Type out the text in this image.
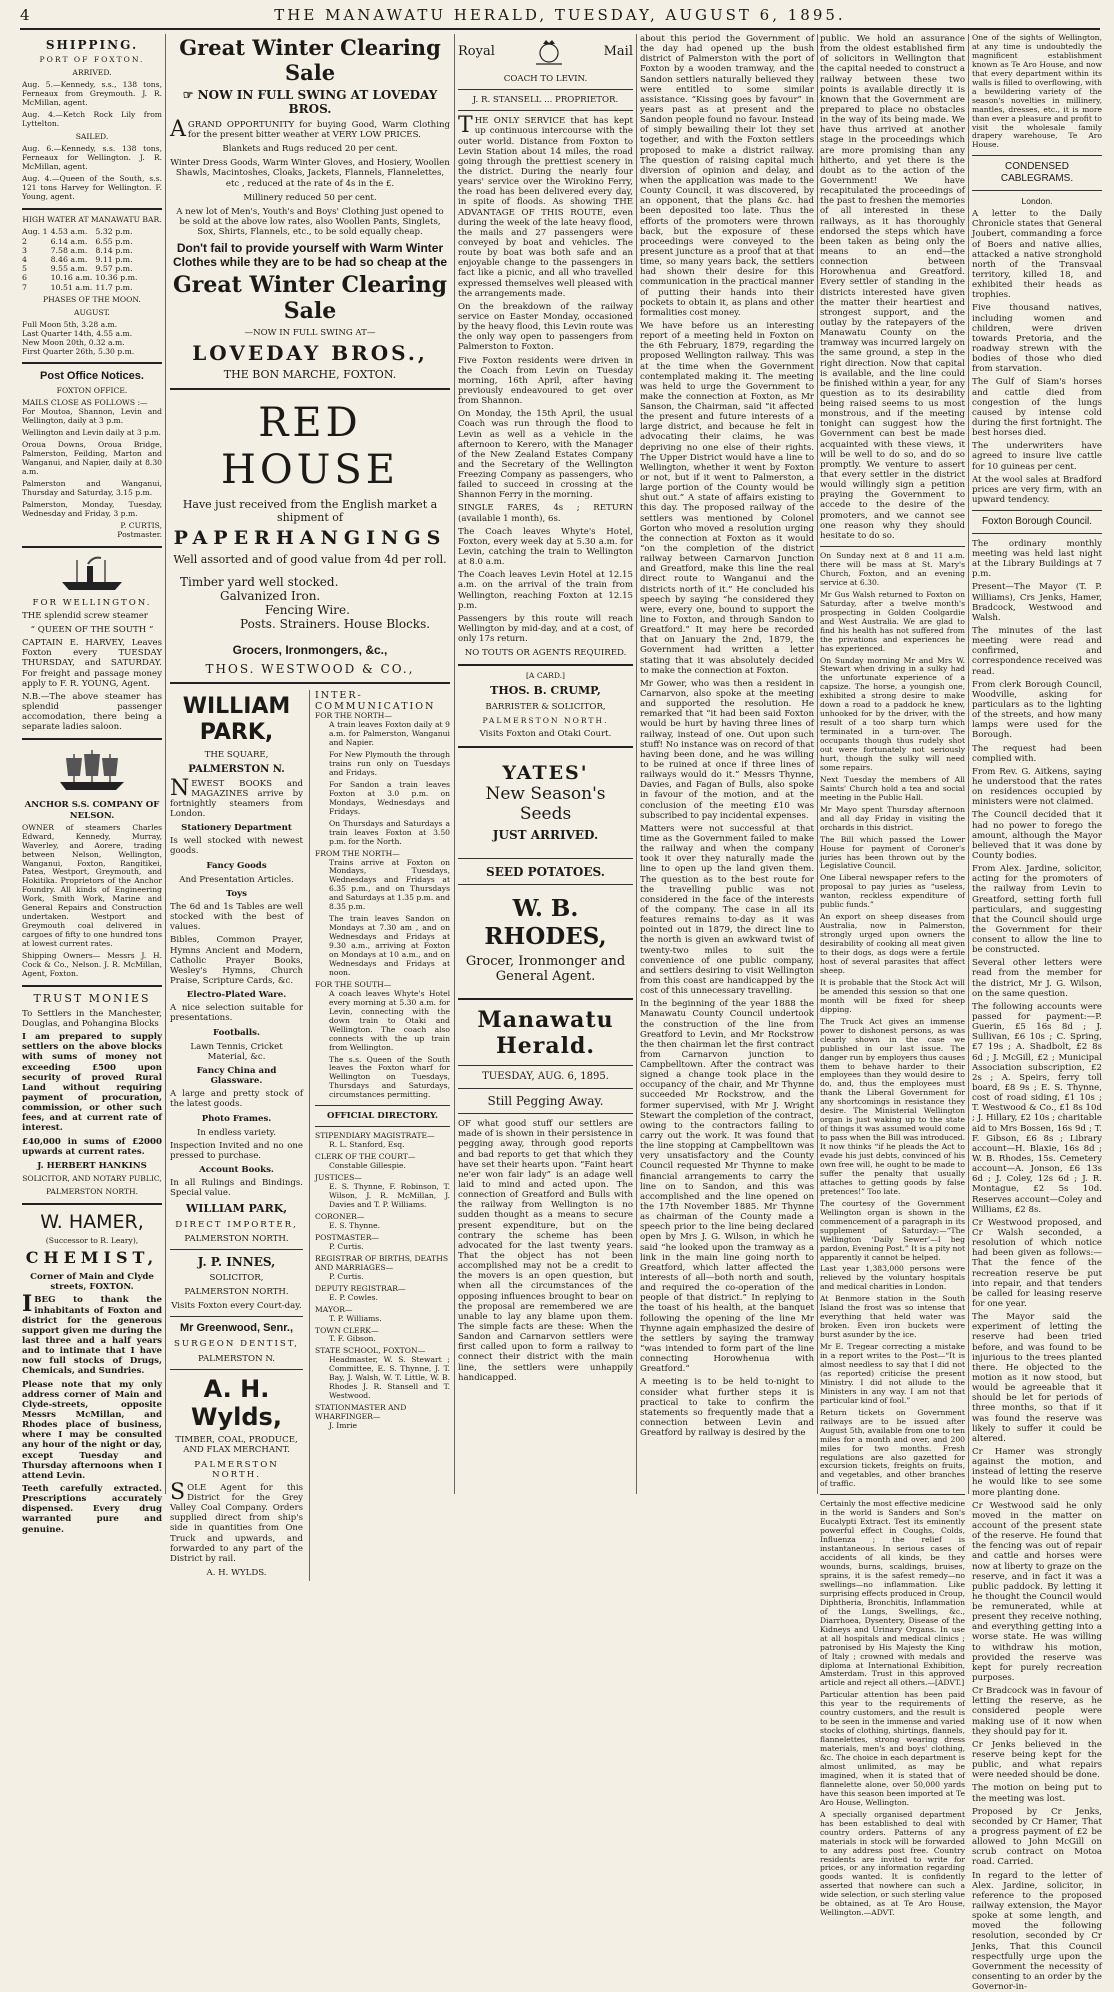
4	THE MANAWATU HERALD, TUESDAY, AUGUST 6, 1895.
SHIPPING.
PORT OF FOXTON.
ARRIVED.

Aug. 5.—Kennedy, s.s., 138 tons, Ferneaux from Greymouth. J. R. McMillan, agent.

Aug. 4.—Ketch Rock Lily from Lyttelton.

SAILED.

Aug. 6.—Kennedy, s.s. 138 tons, Ferneaux for Wellington. J. R. McMillan, agent.

Aug. 4.—Queen of the South, s.s. 121 tons Harvey for Wellington. F. Young, agent.

HIGH WATER AT MANAWATU BAR.
Aug. 1	4.53 a.m.	5.32 p.m.
2	6.14 a.m.	6.55 p.m.
3	7.58 a.m.	8.14 p.m.
4	8.46 a.m.	9.11 p.m.
5	9.55 a.m.	9.57 p.m.
6	10.16 a.m.	10.36 p.m.
7	10.51 a.m.	11.7 p.m.
PHASES OF THE MOON.
AUGUST.
Full Moon 5th, 3.28 a.m.
Last Quarter 14th, 4.55 a.m.
New Moon 20th, 0.32 a.m.
First Quarter 26th, 5.30 p.m.
Post Office Notices.
FOXTON OFFICE.
MAILS CLOSE AS FOLLOWS :—

For Moutoa, Shannon, Levin and Wellington, daily at 3 p.m.

Wellington and Levin daily at 3 p.m.

Oroua Downs, Oroua Bridge, Palmerston, Feilding, Marton and Wanganui, and Napier, daily at 8.30 a.m.

Palmerston and Wanganui, Thursday and Saturday, 3.15 p.m.

Palmerston, Monday, Tuesday, Wednesday and Friday, 3 p.m.

P. CURTIS,
Postmaster.
FOR WELLINGTON.

THE splendid screw steamer

“ QUEEN OF THE SOUTH ”

CAPTAIN E. HARVEY, Leaves Foxton every TUESDAY THURSDAY, and SATURDAY. For freight and passage money apply to F. R. YOUNG, Agent.

N.B.—The above steamer has splendid passenger accomodation, there being a separate ladies saloon.

ANCHOR S.S. COMPANY OF NELSON.

OWNER of steamers Charles Edward, Kennedy, Murray, Waverley, and Aorere, trading between Nelson, Wellington, Wanganui, Foxton, Rangitikei, Patea, Westport, Greymouth, and Hokitika. Proprietors of the Anchor Foundry. All kinds of Engineering Work, Smith Work, Marine and General Repairs and Construction undertaken. Westport and Greymouth coal delivered in cargoes of fifty to one hundred tons at lowest current rates.

Shipping Owners— Messrs J. H. Cock & Co., Nelson. J. R. McMillan, Agent, Foxton.

TRUST MONIES

To Settlers in the Manchester, Douglas, and Pohangina Blocks

I am prepared to supply settlers on the above blocks with sums of money not exceeding £500 upon security of proved Rural Land without requiring payment of procuration, commission, or other such fees, and at current rate of interest.

£40,000 in sums of £2000 upwards at current rates.

J. HERBERT HANKINS
SOLICITOR, AND NOTARY PUBLIC,
PALMERSTON NORTH.
W. HAMER,
(Successor to R. Leary),
CHEMIST,
Corner of Main and Clyde streets, FOXTON.

IBEG to thank the inhabitants of Foxton and district for the generous support given me during the last three and a half years and to intimate that I have now full stocks of Drugs, Chemicals, and Sundries.

Please note that my only address corner of Main and Clyde-streets, opposite Messrs McMillan, and Rhodes place of business, where I may be consulted any hour of the night or day, except Tuesday and Thursday afternoons when I attend Levin.

Teeth carefully extracted. Prescriptions accurately dispensed. Every drug warranted pure and genuine.

Great Winter Clearing Sale
☞ NOW IN FULL SWING AT LOVEDAY BROS.

AGRAND OPPORTUNITY for buying Good, Warm Clothing for the present bitter weather at VERY LOW PRICES.

Blankets and Rugs reduced 20 per cent.
Winter Dress Goods, Warm Winter Gloves, and Hosiery, Woollen Shawls, Macintoshes, Cloaks, Jackets, Flannels, Flannelettes, etc , reduced at the rate of 4s in the £.
Millinery reduced 50 per cent.
A new lot of Men's, Youth's and Boys' Clothing just opened to be sold at the above low rates, also Woollen Pants, Singlets, Sox, Shirts, Flannels, etc., to be sold equally cheap.
Don't fail to provide yourself with Warm Winter Clothes while they are to be had so cheap at the
Great Winter Clearing Sale
—NOW IN FULL SWING AT—
LOVEDAY BROS.,
THE BON MARCHE, FOXTON.
RED HOUSE
Have just received from the English market a shipment of
PAPERHANGINGS
Well assorted and of good value from 4d per roll.
Timber yard well stocked.
Galvanized Iron.
Fencing Wire.
Posts. Strainers. House Blocks.
Grocers, Ironmongers, &c.,
THOS. WESTWOOD & CO.,
WILLIAM PARK,
THE SQUARE,
PALMERSTON N.

NEWEST BOOKS and MAGAZINES arrive by fortnightly steamers from London.

Stationery Department

Is well stocked with newest goods.

Fancy Goods
And Presentation Articles.
Toys

The 6d and 1s Tables are well stocked with the best of values.

Bibles, Common Prayer, Hymns Ancient and Modern, Catholic Prayer Books, Wesley's Hymns, Church Praise, Scripture Cards, &c.

Electro-Plated Ware.

A nice selection suitable for presentations.

Footballs.
Lawn Tennis, Cricket Material, &c.
Fancy China and Glassware.

A large and pretty stock of the latest goods.

Photo Frames.
In endless variety.

Inspection Invited and no one pressed to purchase.

Account Books.

In all Rulings and Bindings. Special value.

WILLIAM PARK,
DIRECT IMPORTER,
PALMERSTON NORTH.
J. P. INNES,
SOLICITOR,
PALMERSTON NORTH.
Visits Foxton every Court-day.
Mr Greenwood, Senr.,
SURGEON DENTIST,
PALMERSTON N.
A. H. Wylds,
TIMBER, COAL, PRODUCE, AND FLAX MERCHANT.
PALMERSTON NORTH.

SOLE Agent for this District for the Grey Valley Coal Company. Orders supplied direct from ship's side in quantities from One Truck and upwards, and forwarded to any part of the District by rail.

A. H. WYLDS.
INTER-COMMUNICATION
FOR THE NORTH—

A train leaves Foxton daily at 9 a.m. for Palmerston, Wanganui and Napier.

For New Plymouth the through trains run only on Tuesdays and Fridays.

For Sandon a train leaves Foxton at 3.0 p.m. on Mondays, Wednesdays and Fridays.

On Thursdays and Saturdays a train leaves Foxton at 3.50 p.m. for the North.

FROM THE NORTH—

Trains arrive at Foxton on Mondays, Tuesdays, Wednesdays and Fridays at 6.35 p.m., and on Thursdays and Saturdays at 1.35 p.m. and 8.35 p.m.

The train leaves Sandon on Mondays at 7.30 am , and on Wednesdays and Fridays at 9.30 a.m., arriving at Foxton on Mondays at 10 a.m., and on Wednesdays and Fridays at noon.

FOR THE SOUTH—

A coach leaves Whyte's Hotel every morning at 5.30 a.m. for Levin, connecting with the down train to Otaki and Wellington. The coach also connects with the up train from Wellington.

The s.s. Queen of the South leaves the Foxton wharf for Wellington on Tuesdays, Thursdays and Saturdays, circumstances permitting.

OFFICIAL DIRECTORY.
STIPENDIARY MAGISTRATE—

R. L. Stanford, Esq.

CLERK OF THE COURT—

Constable Gillespie.

JUSTICES—

E. S. Thynne, F. Robinson, T. Wilson, J. R. McMillan, J. Davies and T. P. Williams.

CORONER—

E. S. Thynne.

POSTMASTER—

P. Curtis.

REGISTRAR OF BIRTHS, DEATHS AND MARRIAGES—

P. Curtis.

DEPUTY REGISTRAR—

E. P. Cowles.

MAYOR—

T. P. Williams.

TOWN CLERK—

T. F. Gibson.

STATE SCHOOL, FOXTON—

Headmaster, W. S. Stewart ; Committee, E. S. Thynne, J. T. Bay, J. Walsh, W. T. Little, W. B. Rhodes J. R. Stansell and T. Westwood.

STATIONMASTER AND WHARFINGER—

J. Imrie

Royal	Mail
COACH TO LEVIN.
J. R. STANSELL ... PROPRIETOR.

THE ONLY SERVICE that has kept up continuous intercourse with the outer world. Distance from Foxton to Levin Station about 14 miles, the road going through the prettiest scenery in the district. During the nearly four years' service over the Wirokino Ferry, the road has been delivered every day, in spite of floods. As showing THE ADVANTAGE OF THIS ROUTE, even during the week of the late heavy flood, the mails and 27 passengers were conveyed by boat and vehicles. The route by boat was both safe and an enjoyable change to the passengers in fact like a picnic, and all who travelled expressed themselves well pleased with the arrangements made.

On the breakdown of the railway service on Easter Monday, occasioned by the heavy flood, this Levin route was the only way open to passengers from Palmerston to Foxton.

Five Foxton residents were driven in the Coach from Levin on Tuesday morning, 16th April, after having previously endeavoured to get over from Shannon.

On Monday, the 15th April, the usual Coach was run through the flood to Levin as well as a vehicle in the afternoon to Kerero, with the Manager of the New Zealand Estates Company and the Secretary of the Wellington Freezing Company as passengers, who failed to succeed in crossing at the Shannon Ferry in the morning.

SINGLE FARES, 4s ; RETURN (available 1 month), 6s.

The Coach leaves Whyte's Hotel, Foxton, every week day at 5.30 a.m. for Levin, catching the train to Wellington at 8.0 a.m.

The Coach leaves Levin Hotel at 12.15 a.m. on the arrival of the train from Wellington, reaching Foxton at 12.15 p.m.

Passengers by this route will reach Wellington by mid-day, and at a cost, of only 17s return.

NO TOUTS OR AGENTS REQUIRED.
[A CARD.]
THOS. B. CRUMP,
BARRISTER & SOLICITOR,
PALMERSTON NORTH.
Visits Foxton and Otaki Court.
YATES'
New Season's Seeds
JUST ARRIVED.
SEED POTATOES.
W. B. RHODES,
Grocer, Ironmonger and General Agent.
Manawatu Herald.
TUESDAY, AUG. 6, 1895.
Still Pegging Away.

OF what good stuff our settlers are made of is shown in their persistence in pegging away, through good reports and bad reports to get that which they have set their hearts upon. “Faint heart ne'er won fair lady” is an adage well laid to mind and acted upon. The connection of Greatford and Bulls with the railway from Wellington is no sudden thought as a means to secure present expenditure, but on the contrary the scheme has been advocated for the last twenty years. That the object has not been accomplished may not be a credit to the movers is an open question, but when all the circumstances of the opposing influences brought to bear on the proposal are remembered we are unable to lay any blame upon them. The simple facts are these: When the Sandon and Carnarvon settlers were first called upon to form a railway to connect their district with the main line, the settlers were unhappily handicapped.

about this period the Government of the day had opened up the bush district of Palmerston with the port of Foxton by a wooden tramway, and the Sandon settlers naturally believed they were entitled to some similar assistance. “Kissing goes by favour” in years past as at present and the Sandon people found no favour. Instead of simply bewailing their lot they set together, and with the Foxton settlers proposed to make a district railway. The question of raising capital much diversion of opinion and delay, and when the application was made to the County Council, it was discovered, by an opponent, that the plans &c. had been deposited too late. Thus the efforts of the promoters were thrown back, but the exposure of these proceedings were conveyed to the present juncture as a proof that at that time, so many years back, the settlers had shown their desire for this communication in the practical manner of putting their hands into their pockets to obtain it, as plans and other formalities cost money.

We have before us an interesting report of a meeting held in Foxton on the 6th February, 1879, regarding the proposed Wellington railway. This was at the time when the Government contemplated making it. The meeting was held to urge the Government to make the connection at Foxton, as Mr Sanson, the Chairman, said “it affected the present and future interests of a large district, and because he felt in advocating their claims, he was depriving no one else of their rights. The Upper District would have a line to Wellington, whether it went by Foxton or not, but if it went to Palmerston, a large portion of the County would be shut out.” A state of affairs existing to this day. The proposed railway of the settlers was mentioned by Colonel Gorton who moved a resolution urging the connection at Foxton as it would “on the completion of the district railway between Carnarvon Junction and Greatford, make this line the real direct route to Wanganui and the districts north of it.” He concluded his speech by saying “he considered they were, every one, bound to support the line to Foxton, and through Sandon to Greatford.” It may here be recorded that on January the 2nd, 1879, the Government had written a letter stating that it was absolutely decided to make the connection at Foxton.

Mr Gower, who was then a resident in Carnarvon, also spoke at the meeting and supported the resolution. He remarked that “it had been said Foxton would be hurt by having three lines of railway, instead of one. Out upon such stuff! No instance was on record of that having been done, and he was willing to be ruined at once if three lines of railways would do it.” Messrs Thynne, Davies, and Fagan of Bulls, also spoke in favour of the motion, and at the conclusion of the meeting £10 was subscribed to pay incidental expenses.

Matters were not successful at that time as the Government failed to make the railway and when the company took it over they naturally made the line to open up the land given them. The question as to the best route for the travelling public was not considered in the face of the interests of the company. The case in all its features remains to-day as it was pointed out in 1879, the direct line to the north is given an awkward twist of twenty-two miles to suit the convenience of one public company, and settlers desiring to visit Wellington from this coast are handicapped by the cost of this unnecessary travelling.

In the beginning of the year 1888 the Manawatu County Council undertook the construction of the line from Greatford to Levin, and Mr Rockstrow the then chairman let the first contract from Carnarvon junction to Campbelltown. After the contract was signed a change took place in the occupancy of the chair, and Mr Thynne succeeded Mr Rockstrow, and the former supervised, with Mr J. Wright Stewart the completion of the contract, owing to the contractors failing to carry out the work. It was found that the line stopping at Campbelltown was very unsatisfactory and the County Council requested Mr Thynne to make financial arrangements to carry the line on to Sandon, and this was accomplished and the line opened on the 17th November 1885. Mr Thynne as chairman of the County made a speech prior to the line being declared open by Mrs J. G. Wilson, in which he said “he looked upon the tramway as a link in the main line going north to Greatford, which latter affected the interests of all—both north and south, and required the co-operation of the people of that district.” In replying to the toast of his health, at the banquet following the opening of the line Mr Thynne again emphasized the desire of the settlers by saying the tramway “was intended to form part of the line connecting Horowhenua with Greatford.”

A meeting is to be held to-night to consider what further steps it is practical to take to confirm the statements so frequently made that a connection between Levin and Greatford by railway is desired by the

public. We hold an assurance from the oldest established firm of solicitors in Wellington that the capital needed to construct a railway between these two points is available directly it is known that the Government are prepared to place no obstacles in the way of its being made. We have thus arrived at another stage in the proceedings which are more promising than any hitherto, and yet there is the doubt as to the action of the Government! We have recapitulated the proceedings of the past to freshen the memories of all interested in these railways, as it has thoroughly endorsed the steps which have been taken as being only the means to an end—the connection between Horowhenua and Greatford. Every settler of standing in the districts interested have given the matter their heartiest and strongest support, and the outlay by the ratepayers of the Manawatu County on the tramway was incurred largely on the same ground, a step in the right direction. Now that capital is available, and the line could be finished within a year, for any question as to its desirability being raised seems to us most monstrous, and if the meeting tonight can suggest how the Government can best be made acquainted with these views, it will be well to do so, and do so promptly. We venture to assert that every settler in the district would willingly sign a petition praying the Government to accede to the desire of the promoters, and we cannot see one reason why they should hesitate to do so.

On Sunday next at 8 and 11 a.m. there will be mass at St. Mary's Church, Foxton, and an evening service at 6.30.

Mr Gus Walsh returned to Foxton on Saturday, after a twelve month's prospecting in Golden Coolgardie and West Australia. We are glad to find his health has not suffered from the privations and experiences he has experienced.

On Sunday morning Mr and Mrs W. Stewart when driving in a sulky had the unfortunate experience of a capsize. The horse, a youngish one, exhibited a strong desire to make down a road to a paddock he knew, unhooked for by the driver, with the result of a too sharp turn which terminated in a turn-over. The occupants though thus rudely shot out were fortunately not seriously hurt, though the sulky will need some repairs.

Next Tuesday the members of All Saints' Church hold a tea and social meeting in the Public Hall.

Mr Mayo spent Thursday afternoon and all day Friday in visiting the orchards in this district.

The Bill which passed the Lower House for payment of Coroner's juries has been thrown out by the Legislative Council.

One Liberal newspaper refers to the proposal to pay juries as “useless, wanton, reckless expenditure of public funds.”

An export on sheep diseases from Australia, now in Palmerston, strongly urged upon owners the desirability of cooking all meat given to their dogs, as dogs were a fertile host of several parasites that affect sheep.

It is probable that the Stock Act will be amended this session so that one month will be fixed for sheep dipping.

The Truck Act gives an immense power to dishonest persons, as was clearly shown in the case we published in our last issue. The danger run by employers thus causes them to behave harder to their employees than they would desire to do, and, thus the employees must thank the Liberal Government for any shortcomings in resistance they desire. The Ministerial Wellington organ is just waking up to the state of things it was assumed would come to pass when the Bill was introduced. It now thinks “if he pleads the Act to evade his just debts, convinced of his own free will, he ought to be made to suffer the penalty that usually attaches to getting goods by false pretences!” Too late.

The courtesy of the Government Wellington organ is shown in the commencement of a paragraph in its supplement of Saturday:—“The Wellington ‘Daily Sewer’—I beg pardon, Evening Post.” It is a pity not apparently it cannot be helped.

Last year 1,383,000 persons were relieved by the voluntary hospitals and medical charities in London.

At Benmore station in the South Island the frost was so intense that everything that held water was broken. Even iron buckets were burst asunder by the ice.

Mr E. Tregear correcting a mistake in a report writes to the Post—“It is almost needless to say that I did not (as reported) criticise the present Ministry. I did not allude to the Ministers in any way. I am not that particular kind of fool.”

Return tickets on Government railways are to be issued after August 5th, available from one to ten miles for a month and over, and 200 miles for two months. Fresh regulations are also gazetted for excursion tickets, freights on fruits, and vegetables, and other branches of traffic.

Certainly the most effective medicine in the world is Sanders and Son's Eucalypti Extract. Test its eminently powerful effect in Coughs, Colds, Influenza ; the relief is instantaneous. In serious cases of accidents of all kinds, be they wounds, burns, scaldings, bruises, sprains, it is the safest remedy—no swellings—no inflammation. Like surprising effects produced in Croup, Diphtheria, Bronchitis, Inflammation of the Lungs, Swellings, &c., Diarrhoea, Dysentery, Disease of the Kidneys and Urinary Organs. In use at all hospitals and medical clinics ; patronised by His Majesty the King of Italy ; crowned with medals and diploma at International Exhibition, Amsterdam. Trust in this approved article and reject all others.—[ADVT.]

Particular attention has been paid this year to the requirements of country customers, and the result is to be seen in the immense and varied stocks of clothing, shirtings, flannels, flannelettes, strong wearing dress materials, men's and boys' clothing, &c. The choice in each department is almost unlimited, as may be imagined, when it is stated that of flannelette alone, over 50,000 yards have this season been imported at Te Aro House, Wellington.

A specially organised department has been established to deal with country orders. Patterns of any materials in stock will be forwarded to any address post free. Country residents are invited to write for prices, or any information regarding goods wanted. It is confidently asserted that nowhere can such a wide selection, or such sterling value be obtained, as at Te Aro House, Wellington.—ADVT.

One of the sights of Wellington, at any time is undoubtedly the magnificent establishment known as Te Aro House, and now that every department within its walls is filled to overflowing, with a bewildering variety of the season's novelties in millinery, mantles, dresses, etc., it is more than ever a pleasure and profit to visit the wholesale family drapery warehouse, Te Aro House.

CONDENSED CABLEGRAMS.
London.

A letter to the Daily Chronicle states that General Joubert, commanding a force of Boers and native allies, attacked a native stronghold north of the Transvaal territory, killed 18, and exhibited their heads as trophies.

Five thousand natives, including women and children, were driven towards Pretoria, and the roadway strewn with the bodies of those who died from starvation.

The Gulf of Siam's horses and cattle died from congestion of the lungs caused by intense cold during the first fortnight. The best horses died.

The underwriters have agreed to insure live cattle for 10 guineas per cent.

At the wool sales at Bradford prices are very firm, with an upward tendency.

Foxton Borough Council.

The ordinary monthly meeting was held last night at the Library Buildings at 7 p.m.

Present—The Mayor (T. P. Williams), Crs Jenks, Hamer, Bradcock, Westwood and Walsh.

The minutes of the last meeting were read and confirmed, and correspondence received was read.

From clerk Borough Council, Woodville, asking for particulars as to the lighting of the streets, and how many lamps were used for the Borough.

The request had been complied with.

From Rev. G. Aitkens, saying he understood that the rates on residences occupied by ministers were not claimed.

The Council decided that it had no power to forego the amount, although the Mayor believed that it was done by County bodies.

From Alex. Jardine, solicitor, acting for the promoters of the railway from Levin to Greatford, setting forth full particulars, and suggesting that the Council should urge the Government for their consent to allow the line to be constructed.

Several other letters were read from the member for the district, Mr J. G. Wilson, on the same question.

The following accounts were passed for payment:—P. Guerin, £5 16s 8d ; J. Sullivan, £6 10s ; C. Spring, £7 19s ; A. Shadbolt, £2 8s 6d ; J. McGill, £2 ; Municipal Association subscription, £2 2s ; A. Speirs, ferry toll board, £8 9s ; E. S. Thynne, cost of road siding, £1 10s ; T. Westwood & Co., £1 8s 10d ; J. Hillary, £2 10s ; charitable aid to Mrs Bossen, 16s 9d ; T. F. Gibson, £6 8s ; Library account—H. Blaxie, 16s 8d ; W. B. Rhodes, 15s. Cemetery account—A. Jonson, £6 13s 6d ; J. Coley, 12s 6d ; J. R. Montague, £2 5s 10d. Reserves account—Coley and Williams, £2 8s.

Cr Westwood proposed, and Cr Walsh seconded, a resolution of which notice had been given as follows:—That the fence of the recreation reserve be put into repair, and that tenders be called for leasing reserve for one year.

The Mayor said the experiment of letting the reserve had been tried before, and was found to be injurious to the trees planted there. He objected to the motion as it now stood, but would be agreeable that it should be let for periods of three months, so that if it was found the reserve was likely to suffer it could be altered.

Cr Hamer was strongly against the motion, and instead of letting the reserve he would like to see some more planting done.

Cr Westwood said he only moved in the matter on account of the present state of the reserve. He found that the fencing was out of repair and cattle and horses were now at liberty to graze on the reserve, and in fact it was a public paddock. By letting it he thought the Council would be remunerated, while at present they receive nothing, and everything getting into a worse state. He was willing to withdraw his motion, provided the reserve was kept for purely recreation purposes.

Cr Bradcock was in favour of letting the reserve, as he considered people were making use of it now when they should pay for it.

Cr Jenks believed in the reserve being kept for the public, and what repairs were needed should be done.

The motion on being put to the meeting was lost.

Proposed by Cr Jenks, seconded by Cr Hamer, That a progress payment of £2 be allowed to John McGill on scrub contract on Motoa road. Carried.

In regard to the letter of Alex. Jardine, solicitor, in reference to the proposed railway extension, the Mayor spoke at some length, and moved the following resolution, seconded by Cr Jenks, That this Council respectfully urge upon the Government the necessity of consenting to an order by the Governor-in-
